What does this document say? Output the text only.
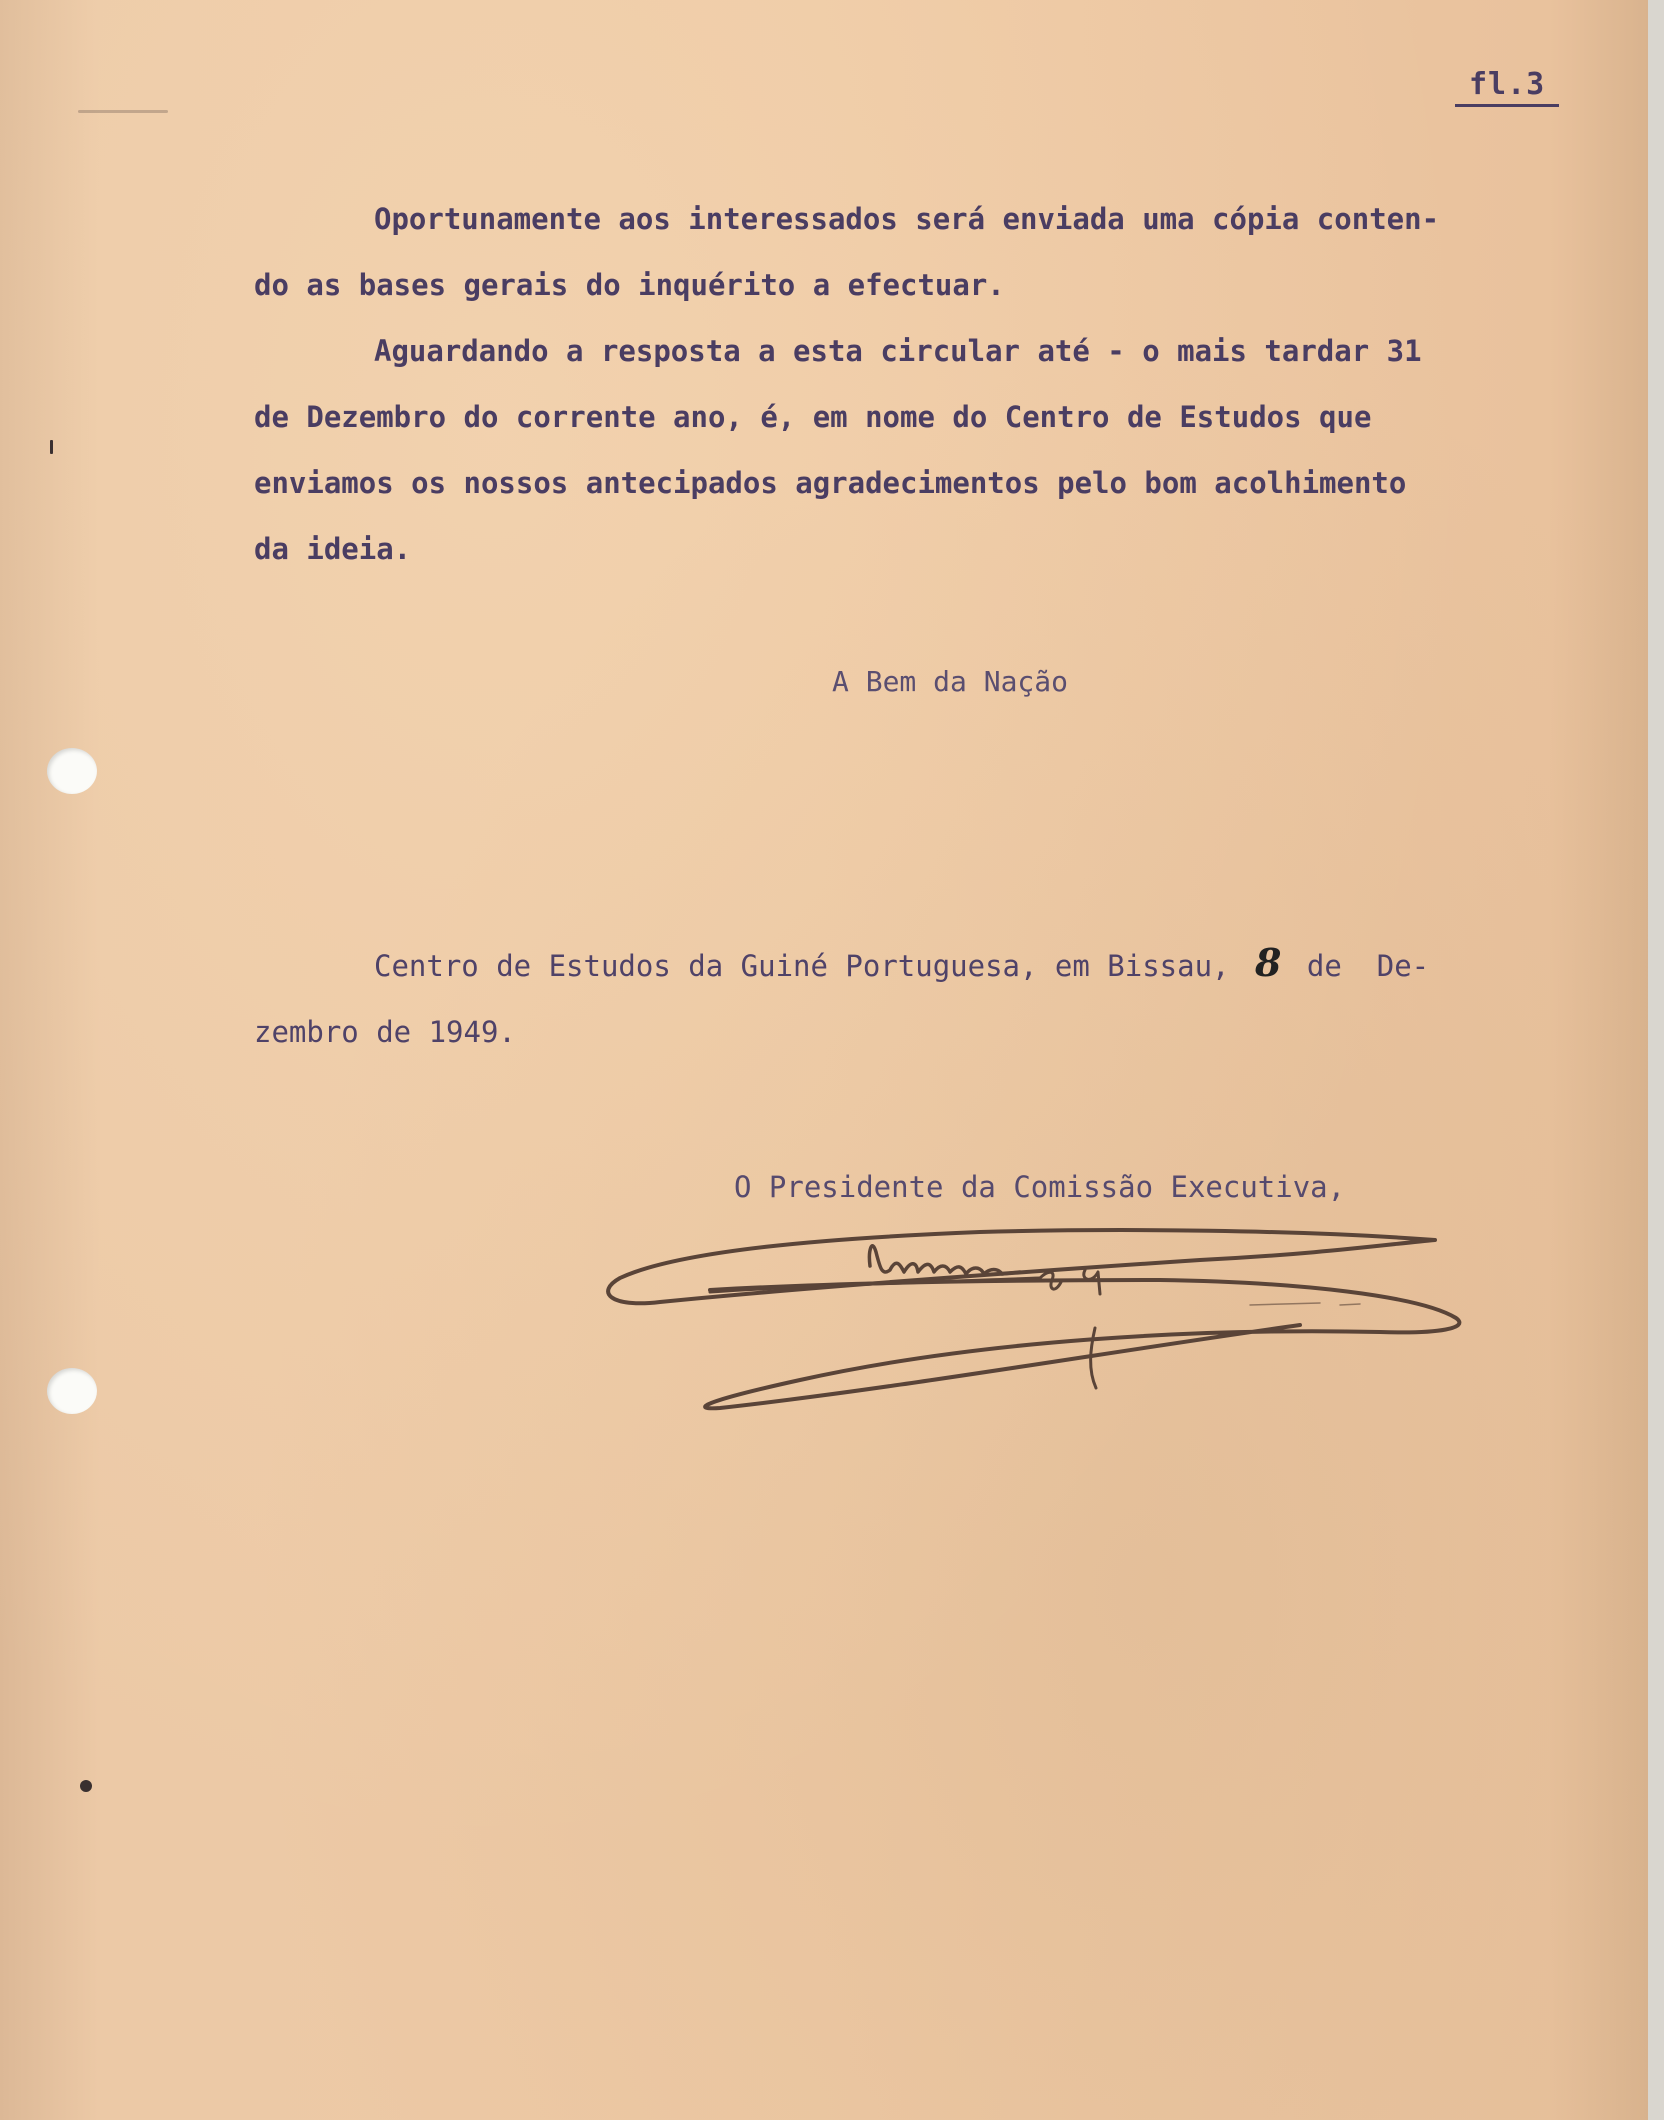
fl.3

Oportunamente aos interessados será enviada uma cópia conten-
do as bases gerais do inquérito a efectuar.

Aguardando a resposta a esta circular até - o mais tardar 31
de Dezembro do corrente ano, é, em nome do Centro de Estudos que
enviamos os nossos antecipados agradecimentos pelo bom acolhimento
da ideia.

A Bem da Nação
Centro de Estudos da Guiné Portuguesa, em Bissau, 8 de  De-
zembro de 1949.
O Presidente da Comissão Executiva,
